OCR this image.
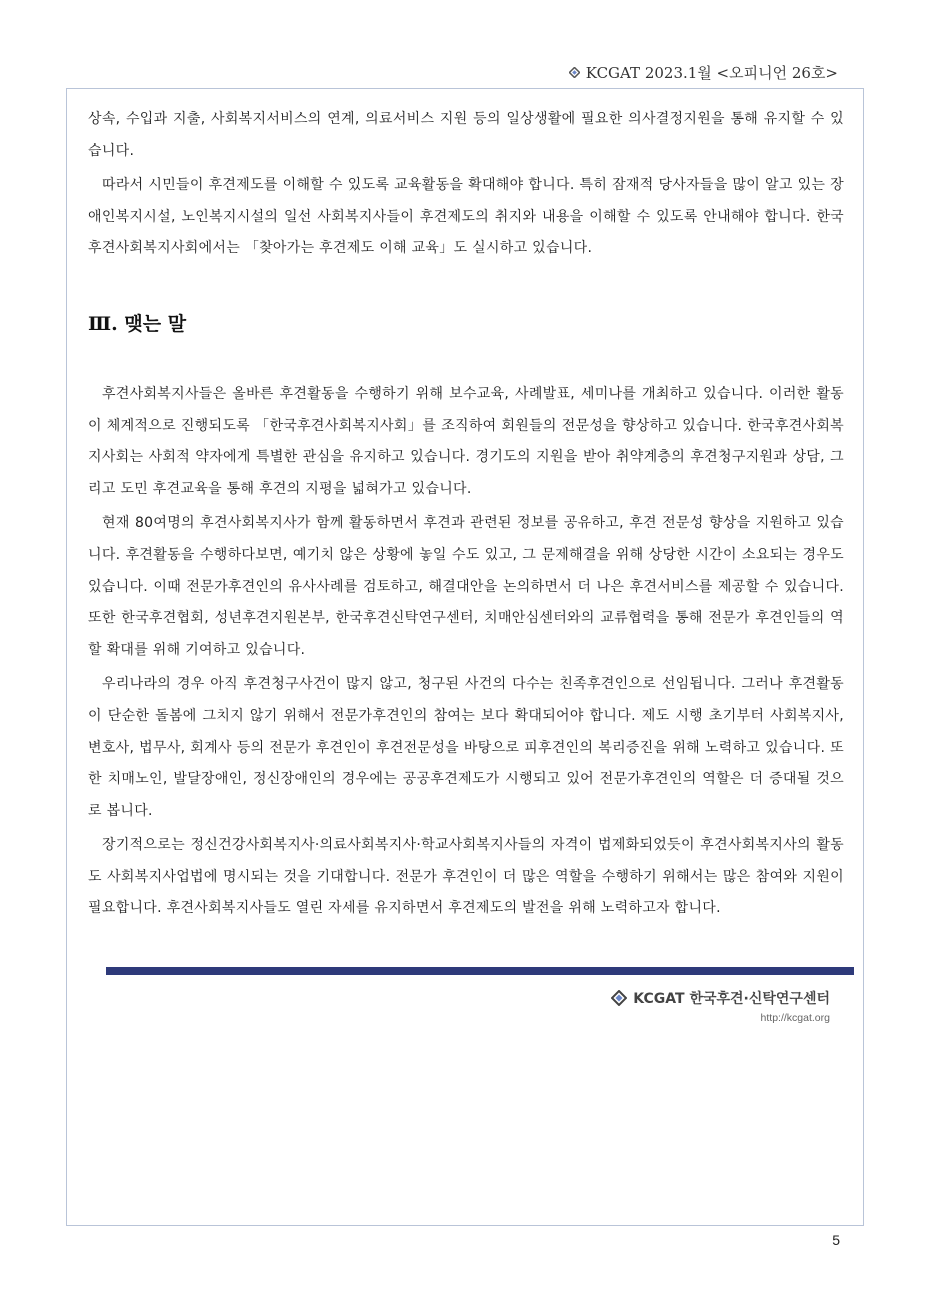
KCGAT 2023.1월 <오피니언 26호>

상속, 수입과 지출, 사회복지서비스의 연계, 의료서비스 지원 등의 일상생활에 필요한 의사결정지원을 통해 유지할 수 있습니다.

따라서 시민들이 후견제도를 이해할 수 있도록 교육활동을 확대해야 합니다. 특히 잠재적 당사자들을 많이 알고 있는 장애인복지시설, 노인복지시설의 일선 사회복지사들이 후견제도의 취지와 내용을 이해할 수 있도록 안내해야 합니다. 한국후견사회복지사회에서는 「찾아가는 후견제도 이해 교육」도 실시하고 있습니다.

Ⅲ. 맺는 말

후견사회복지사들은 올바른 후견활동을 수행하기 위해 보수교육, 사례발표, 세미나를 개최하고 있습니다. 이러한 활동이 체계적으로 진행되도록 「한국후견사회복지사회」를 조직하여 회원들의 전문성을 향상하고 있습니다. 한국후견사회복지사회는 사회적 약자에게 특별한 관심을 유지하고 있습니다. 경기도의 지원을 받아 취약계층의 후견청구지원과 상담, 그리고 도민 후견교육을 통해 후견의 지평을 넓혀가고 있습니다.

현재 80여명의 후견사회복지사가 함께 활동하면서 후견과 관련된 정보를 공유하고, 후견 전문성 향상을 지원하고 있습니다. 후견활동을 수행하다보면, 예기치 않은 상황에 놓일 수도 있고, 그 문제해결을 위해 상당한 시간이 소요되는 경우도 있습니다. 이때 전문가후견인의 유사사례를 검토하고, 해결대안을 논의하면서 더 나은 후견서비스를 제공할 수 있습니다. 또한 한국후견협회, 성년후견지원본부, 한국후견신탁연구센터, 치매안심센터와의 교류협력을 통해 전문가 후견인들의 역할 확대를 위해 기여하고 있습니다.

우리나라의 경우 아직 후견청구사건이 많지 않고, 청구된 사건의 다수는 친족후견인으로 선임됩니다. 그러나 후견활동이 단순한 돌봄에 그치지 않기 위해서 전문가후견인의 참여는 보다 확대되어야 합니다. 제도 시행 초기부터 사회복지사, 변호사, 법무사, 회계사 등의 전문가 후견인이 후견전문성을 바탕으로 피후견인의 복리증진을 위해 노력하고 있습니다. 또한 치매노인, 발달장애인, 정신장애인의 경우에는 공공후견제도가 시행되고 있어 전문가후견인의 역할은 더 증대될 것으로 봅니다.

장기적으로는 정신건강사회복지사·의료사회복지사·학교사회복지사들의 자격이 법제화되었듯이 후견사회복지사의 활동도 사회복지사업법에 명시되는 것을 기대합니다. 전문가 후견인이 더 많은 역할을 수행하기 위해서는 많은 참여와 지원이 필요합니다. 후견사회복지사들도 열린 자세를 유지하면서 후견제도의 발전을 위해 노력하고자 합니다.

KCGAT 한국후견·신탁연구센터
http://kcgat.org
5
